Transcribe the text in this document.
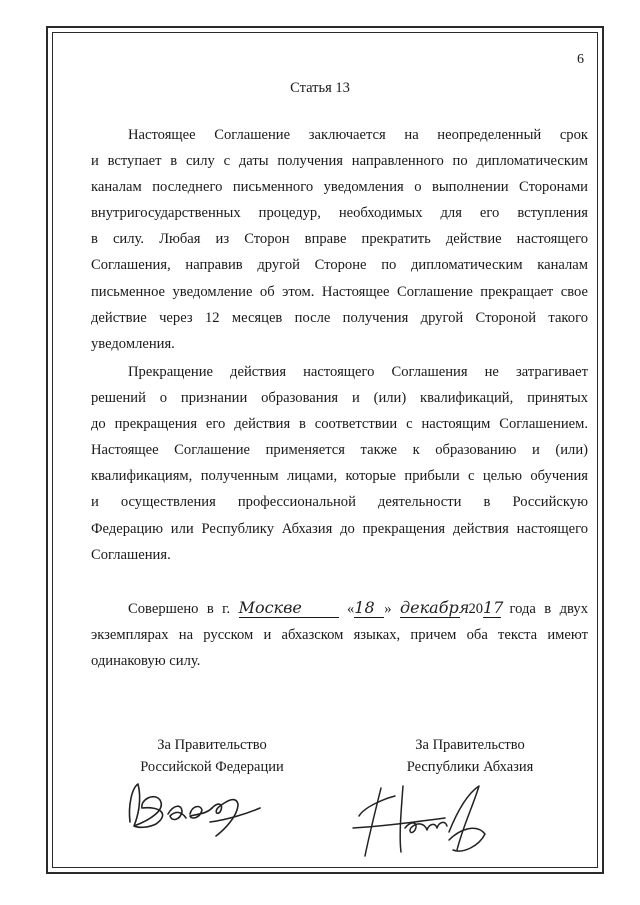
6
Статья 13
Настоящее Соглашение заключается на неопределенный срок
и вступает в силу с даты получения направленного по дипломатическим
каналам последнего письменного уведомления о выполнении Сторонами
внутригосударственных процедур, необходимых для его вступления
в силу. Любая из Сторон вправе прекратить действие настоящего
Соглашения, направив другой Стороне по дипломатическим каналам
письменное уведомление об этом. Настоящее Соглашение прекращает свое
действие через 12 месяцев после получения другой Стороной такого
уведомления.
Прекращение действия настоящего Соглашения не затрагивает
решений о признании образования и (или) квалификаций, принятых
до прекращения его действия в соответствии с настоящим Соглашением.
Настоящее Соглашение применяется также к образованию и (или)
квалификациям, полученным лицами, которые прибыли с целью обучения
и осуществления профессиональной деятельности в Российскую
Федерацию или Республику Абхазия до прекращения действия настоящего
Соглашения.
Совершено в г. Москве	«18 » декабря 2017 года в двух
экземплярах на русском и абхазском языках, причем оба текста имеют
одинаковую силу.
За Правительство
Российской Федерации
За Правительство
Республики Абхазия
